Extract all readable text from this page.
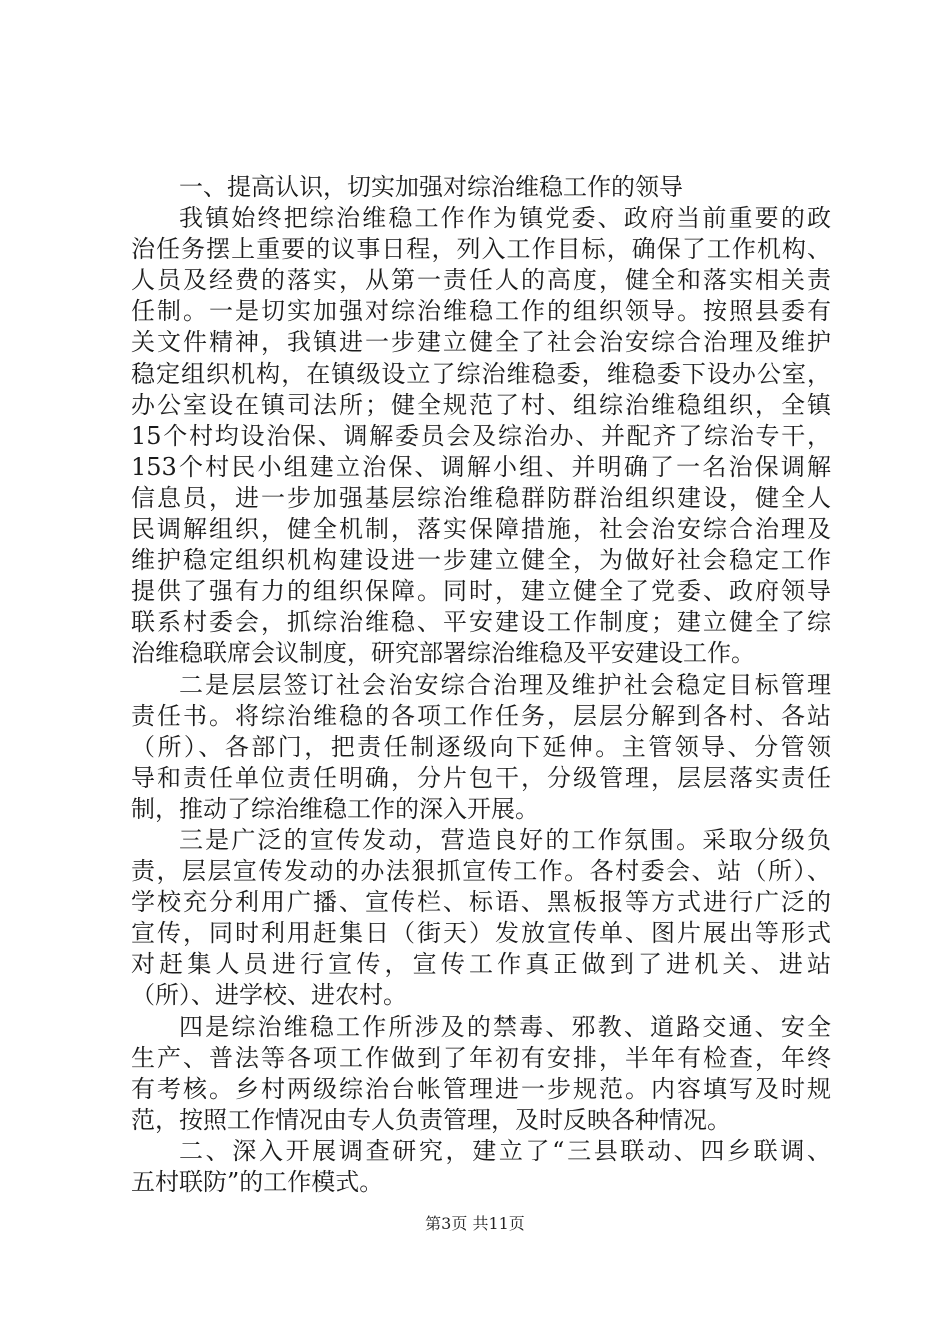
一、提高认识，切实加强对综治维稳工作的领导
我镇始终把综治维稳工作作为镇党委、政府当前重要的政
治任务摆上重要的议事日程，列入工作目标，确保了工作机构、
人员及经费的落实，从第一责任人的高度，健全和落实相关责
任制。一是切实加强对综治维稳工作的组织领导。按照县委有
关文件精神，我镇进一步建立健全了社会治安综合治理及维护
稳定组织机构，在镇级设立了综治维稳委，维稳委下设办公室，
办公室设在镇司法所；健全规范了村、组综治维稳组织，全镇
15个村均设治保、调解委员会及综治办、并配齐了综治专干，
153个村民小组建立治保、调解小组、并明确了一名治保调解
信息员，进一步加强基层综治维稳群防群治组织建设，健全人
民调解组织，健全机制，落实保障措施，社会治安综合治理及
维护稳定组织机构建设进一步建立健全，为做好社会稳定工作
提供了强有力的组织保障。同时，建立健全了党委、政府领导
联系村委会，抓综治维稳、平安建设工作制度；建立健全了综
治维稳联席会议制度，研究部署综治维稳及平安建设工作。
二是层层签订社会治安综合治理及维护社会稳定目标管理
责任书。将综治维稳的各项工作任务，层层分解到各村、各站
（所）、各部门，把责任制逐级向下延伸。主管领导、分管领
导和责任单位责任明确，分片包干，分级管理，层层落实责任
制，推动了综治维稳工作的深入开展。
三是广泛的宣传发动，营造良好的工作氛围。采取分级负
责，层层宣传发动的办法狠抓宣传工作。各村委会、站（所）、
学校充分利用广播、宣传栏、标语、黑板报等方式进行广泛的
宣传，同时利用赶集日（街天）发放宣传单、图片展出等形式
对赶集人员进行宣传，宣传工作真正做到了进机关、进站
（所）、进学校、进农村。
四是综治维稳工作所涉及的禁毒、邪教、道路交通、安全
生产、普法等各项工作做到了年初有安排，半年有检查，年终
有考核。乡村两级综治台帐管理进一步规范。内容填写及时规
范，按照工作情况由专人负责管理，及时反映各种情况。
二、深入开展调查研究，建立了“三县联动、四乡联调、
五村联防”的工作模式。
第3页 共11页
